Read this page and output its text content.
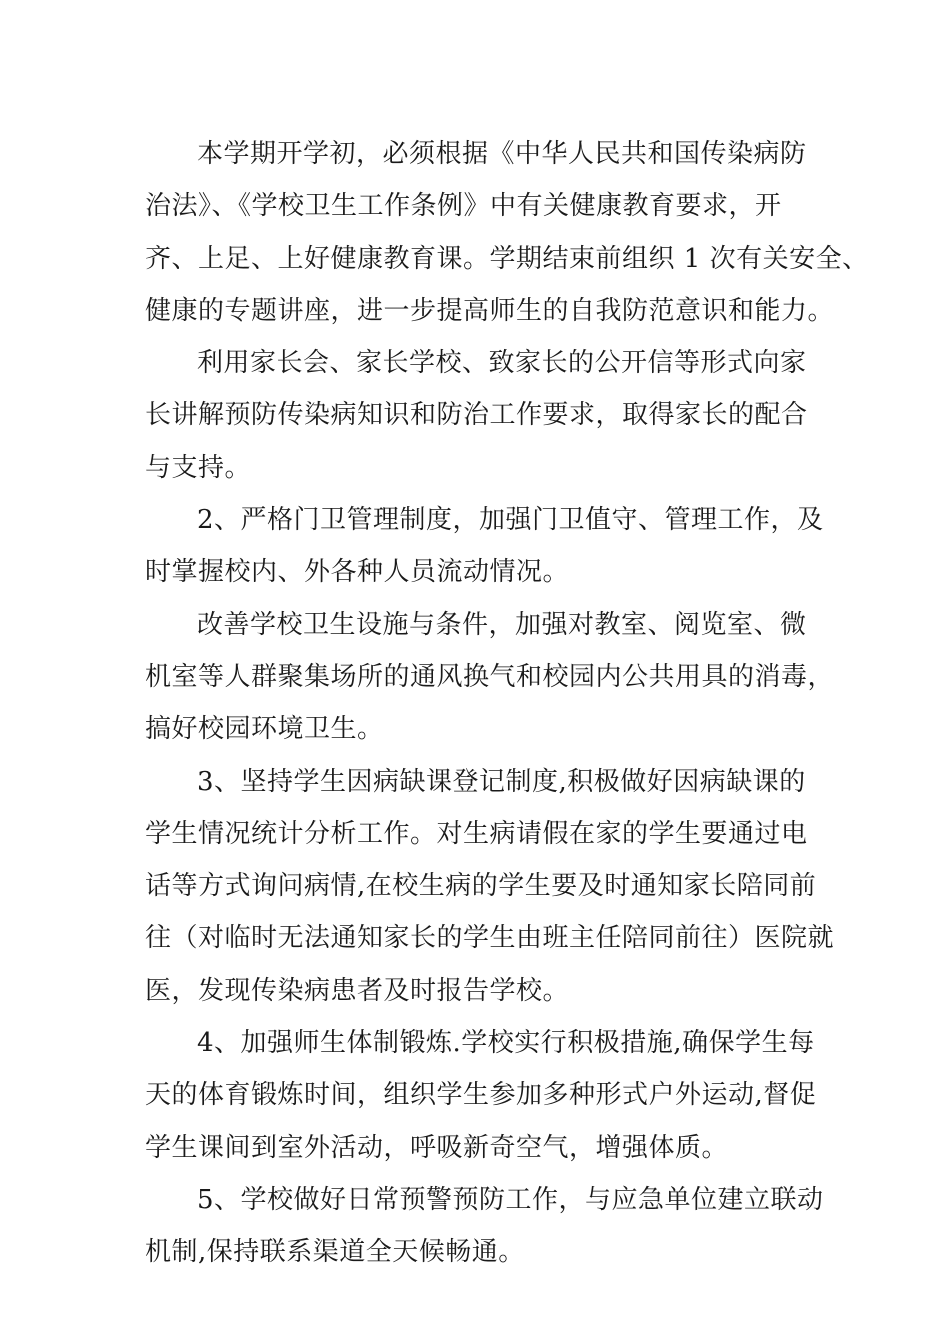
本学期开学初，必须根据《中华人民共和国传染病防
治法》、《学校卫生工作条例》中有关健康教育要求，开
齐、上足、上好健康教育课。学期结束前组织 1 次有关安全、
健康的专题讲座，进一步提高师生的自我防范意识和能力。
利用家长会、家长学校、致家长的公开信等形式向家
长讲解预防传染病知识和防治工作要求，取得家长的配合
与支持。
2、严格门卫管理制度，加强门卫值守、管理工作，及
时掌握校内、外各种人员流动情况。
改善学校卫生设施与条件，加强对教室、阅览室、微
机室等人群聚集场所的通风换气和校园内公共用具的消毒，
搞好校园环境卫生。
3、坚持学生因病缺课登记制度,积极做好因病缺课的
学生情况统计分析工作。对生病请假在家的学生要通过电
话等方式询问病情,在校生病的学生要及时通知家长陪同前
往（对临时无法通知家长的学生由班主任陪同前往）医院就
医，发现传染病患者及时报告学校。
4、加强师生体制锻炼.学校实行积极措施,确保学生每
天的体育锻炼时间，组织学生参加多种形式户外运动,督促
学生课间到室外活动，呼吸新奇空气，增强体质。
5、学校做好日常预警预防工作，与应急单位建立联动
机制,保持联系渠道全天候畅通。
